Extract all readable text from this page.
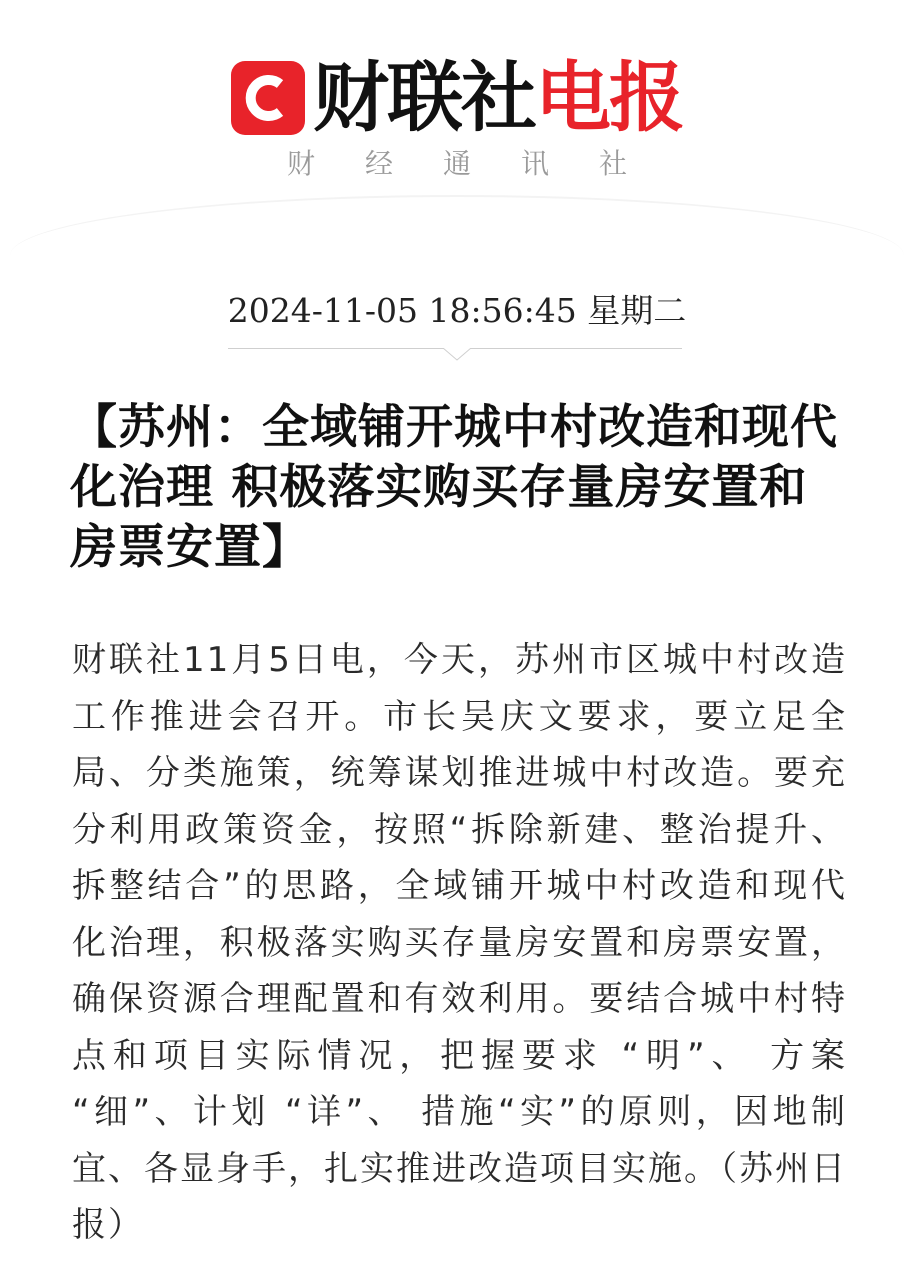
财联社电报
财经通讯社
2024-11-05 18:56:45 星期二
【苏州：全域铺开城中村改造和现代化治理 积极落实购买存量房安置和房票安置】
财联社11月5日电，今天，苏州市区城中村改造工作推进会召开。市长吴庆文要求，要立足全局、分类施策，统筹谋划推进城中村改造。要充分利用政策资金，按照“拆除新建、整治提升、拆整结合”的思路，全域铺开城中村改造和现代化治理，积极落实购买存量房安置和房票安置，确保资源合理配置和有效利用。要结合城中村特点和项目实际情况，把握要求 “明”、 方案 “细”、计划 “详”、 措施“实”的原则，因地制宜、各显身手，扎实推进改造项目实施。（苏州日报）
